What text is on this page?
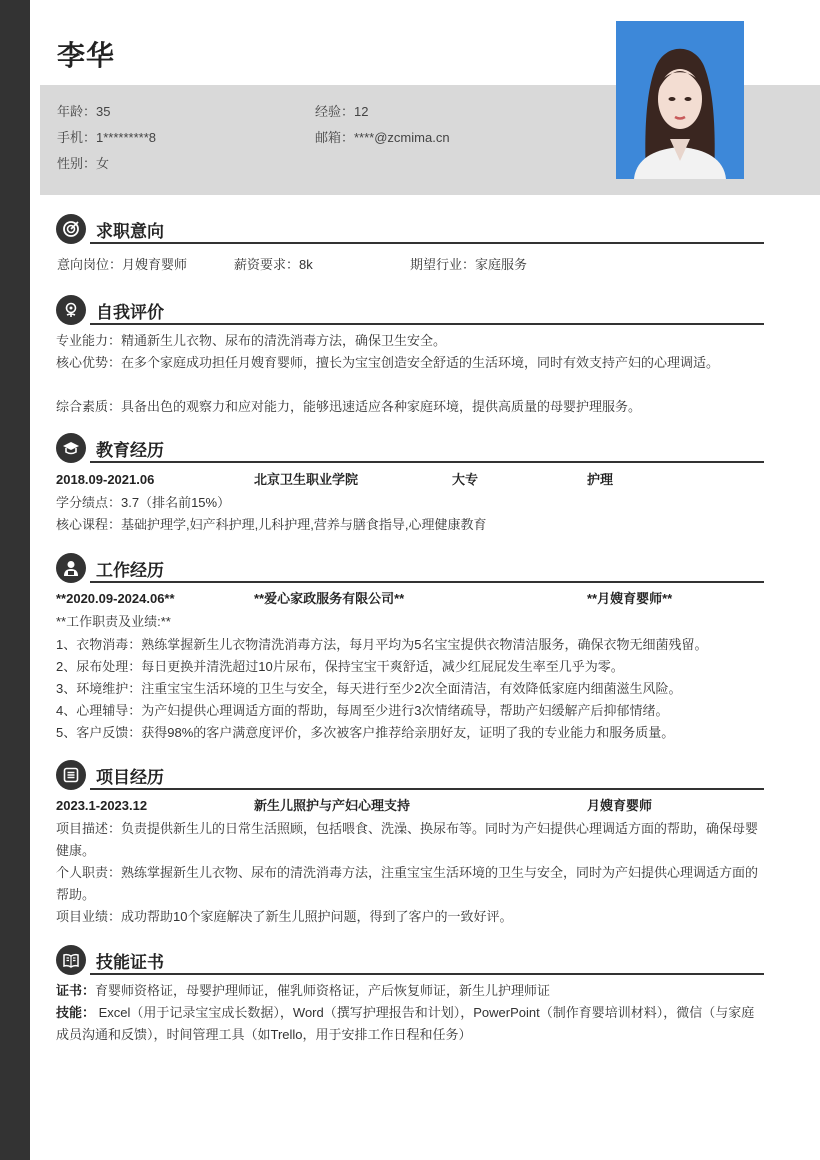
李华
年龄：35	经验：12
手机：1*********8	邮箱：****@zcmima.cn
性别：女
求职意向
意向岗位：月嫂育婴师	薪资要求：8k	期望行业：家庭服务
自我评价
专业能力：精通新生儿衣物、尿布的清洗消毒方法，确保卫生安全。
核心优势：在多个家庭成功担任月嫂育婴师，擅长为宝宝创造安全舒适的生活环境，同时有效支持产妇的心理调适。
综合素质：具备出色的观察力和应对能力，能够迅速适应各种家庭环境，提供高质量的母婴护理服务。
教育经历
2018.09-2021.06	北京卫生职业学院	大专	护理
学分绩点：3.7（排名前15%）
核心课程：基础护理学,妇产科护理,儿科护理,营养与膳食指导,心理健康教育
工作经历
**2020.09-2024.06**	**爱心家政服务有限公司**	**月嫂育婴师**
**工作职责及业绩:**
1、衣物消毒：熟练掌握新生儿衣物清洗消毒方法，每月平均为5名宝宝提供衣物清洁服务，确保衣物无细菌残留。
2、尿布处理：每日更换并清洗超过10片尿布，保持宝宝干爽舒适，减少红屁屁发生率至几乎为零。
3、环境维护：注重宝宝生活环境的卫生与安全，每天进行至少2次全面清洁，有效降低家庭内细菌滋生风险。
4、心理辅导：为产妇提供心理调适方面的帮助，每周至少进行3次情绪疏导，帮助产妇缓解产后抑郁情绪。
5、客户反馈：获得98%的客户满意度评价，多次被客户推荐给亲朋好友，证明了我的专业能力和服务质量。
项目经历
2023.1-2023.12	新生儿照护与产妇心理支持	月嫂育婴师
项目描述：负责提供新生儿的日常生活照顾，包括喂食、洗澡、换尿布等。同时为产妇提供心理调适方面的帮助，确保母婴健康。
个人职责：熟练掌握新生儿衣物、尿布的清洗消毒方法，注重宝宝生活环境的卫生与安全，同时为产妇提供心理调适方面的帮助。
项目业绩：成功帮助10个家庭解决了新生儿照护问题，得到了客户的一致好评。
技能证书
证书：育婴师资格证，母婴护理师证，催乳师资格证，产后恢复师证，新生儿护理师证
技能： Excel（用于记录宝宝成长数据），Word（撰写护理报告和计划），PowerPoint（制作育婴培训材料），微信（与家庭成员沟通和反馈），时间管理工具（如Trello，用于安排工作日程和任务）
